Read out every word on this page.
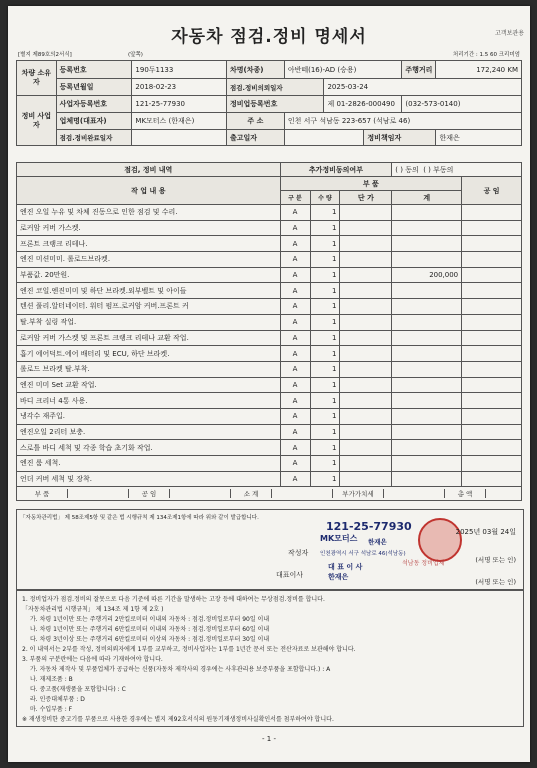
고객보관용
자동차 점검.정비 명세서
[별지 제89호의2서식]	(앞쪽)	처리기간 : 1.5 60 크리미엄
차량 소유자	등록번호	190두1133	차명(차종)	아반떼(16)-AD (승용)			주행거리	172,240 KM
	등록년월일	2018-02-23	점검.정비의뢰일자		2025-03-24			
정비 사업자	사업자등록번호	121-25-77930	정비업등록번호		제 01-2826-000490		(032-573-0140)	
	업체명(대표자)	MK모터스 (한재은)	주 소	인천 서구 석남동 223-657 (석남로 46)				
	점검.정비완료일자		출고일자			정비책임자		한재은
점검, 정비 내역	추가정비동의여부			( ) 동의 ( ) 부동의	
작 업 내 용	부 품				공 임
	구 분	수 량	단 가	계	
엔진 오일 누유 및 차체 진동으로 인한 점검 및 수리.	A	1			
로커암 커버 가스켓.	A	1			
프론트 크랭크 리테나.	A	1			
엔진 미션미미. 롤로드브라켓.	A	1			
부품값. 20만원.	A	1		200,000	
엔진 코일.엔진미미 및 하단 브라켓.외부벨트 및 아이들	A	1			
텐션 풀리.알터네이터. 워터 펌프.로커암 커버.프론트 커	A	1			
탈.부착 실링 작업.	A	1			
로커암 커버 가스켓 및 프론트 크랭크 리테나 교환 작업.	A	1			
흡기 에어덕트.에어 배터리 및 ECU, 하단 브라켓.	A	1			
롤로드 브라켓 탈.부착.	A	1			
엔진 미미 Set 교환 작업.	A	1			
바디 크리너 4통 사용.	A	1			
냉각수 재주입.	A	1			
엔진오일 2리터 보충.	A	1			
스로틀 바디 세척 및 각종 학습 초기화 작업.	A	1			
엔진 룸 세척.	A	1			
언더 커버 세척 및 장착.	A	1			

부 품 공 임 소 계 부가가치세 총 액					
「자동차관리법」 제 58조제5항 및 같은 법 시행규칙 제 134조제1항에 따라 위와 같이 발급합니다.
2025년 03월 24일
121-25-77930
MK모터스 한재은
작성자 인천광역시 서구 석남로 46(석남동)
(서명 또는 인)
대 표 이 사	석남동 정비업체
대표이사	한재은
(서명 또는 인)
1. 정비업자가 점검.정비의 잘못으로 다음 기준에 따른 기간을 말생하는 고장 등에 대하여는 무상점검.정비를 합니다.
「자동차관리법 시행규칙」 제 134조 제 1항 제 2호 )
가. 차령 1년이만 또는 주행거리 2만킬로미터 이내의 자동차 : 점검.정비일로부터 90일 이내
나. 차령 1년이만 또는 주행거리 6만킬로미터 이내의 자동차 : 점검.정비일로부터 60일 이내
다. 차령 3년이상 또는 주행거리 6만킬로미터 이상의 자동차 : 점검.정비일로부터 30일 이내
2. 이 내역서는 2부를 작성, 정비의뢰자에게 1부를 교부하고, 정비사업자는 1부를 1년간 문서 또는 전산자료로 보관해야 합니다.
3. 부품의 구분란에는 다음에 따라 기재하여야 합니다.
가. 자동차 제작사 및 부품업체가 공급하는 신품(자동차 제작사의 경우에는 사후관리용 보증부품을 포함합니다.) : A
나. 재제조품 : B
다. 중고품(재생품을 포함합니다) : C
라. 인증대체부품 : D
마. 수입부품 : F
※ 재생정비한 중고기를 부품으로 사용한 경우에는 별지 제92호서식의 원동기재생정비사실확인서를 첨부하여야 합니다.
- 1 -
